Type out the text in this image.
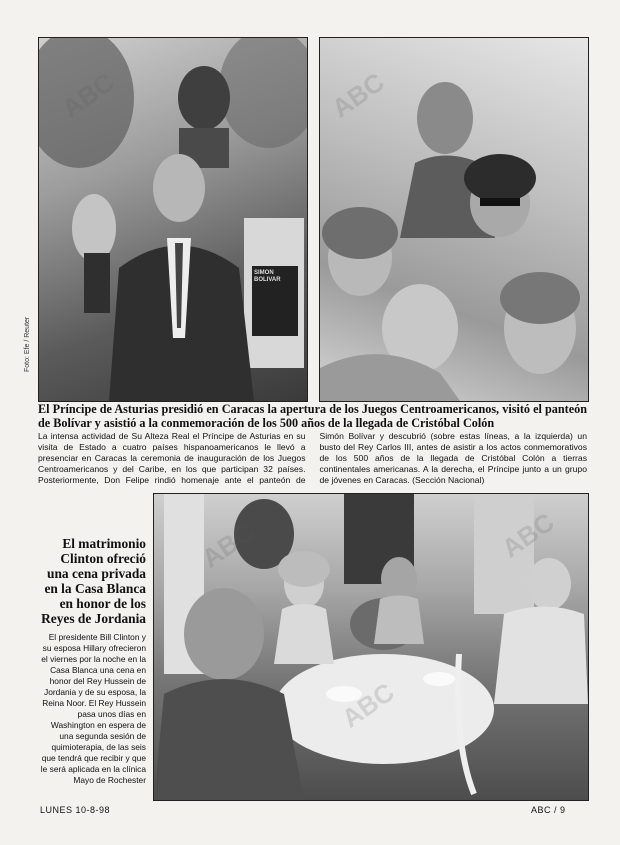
SIMON BOLIVAR
Foto: Efe / Reuter
El Príncipe de Asturias presidió en Caracas la apertura de los Juegos Centroamericanos, visitó el panteón de Bolívar y asistió a la conmemoración de los 500 años de la llegada de Cristóbal Colón
La intensa actividad de Su Alteza Real el Príncipe de Asturias en su visita de Estado a cuatro países hispanoamericanos le llevó a presenciar en Caracas la ceremonia de inauguración de los Juegos Centroamericanos y del Caribe, en los que participan 32 países. Posteriormente, Don Felipe rindió homenaje ante el panteón de Simón Bolívar y descubrió (sobre estas líneas, a la izquierda) un busto del Rey Carlos III, antes de asistir a los actos conmemorativos de los 500 años de la llegada de Cristóbal Colón a tierras continentales americanas. A la derecha, el Príncipe junto a un grupo de jóvenes en Caracas. (Sección Nacional)
El matrimonio Clinton ofreció una cena privada en la Casa Blanca en honor de los Reyes de Jordania
El presidente Bill Clinton y su esposa Hillary ofrecieron el viernes por la noche en la Casa Blanca una cena en honor del Rey Hussein de Jordania y de su esposa, la Reina Noor. El Rey Hussein pasa unos días en Washington en espera de una segunda sesión de quimioterapia, de las seis que tendrá que recibir y que le será aplicada en la clínica Mayo de Rochester
LUNES 10-8-98	ABC / 9
